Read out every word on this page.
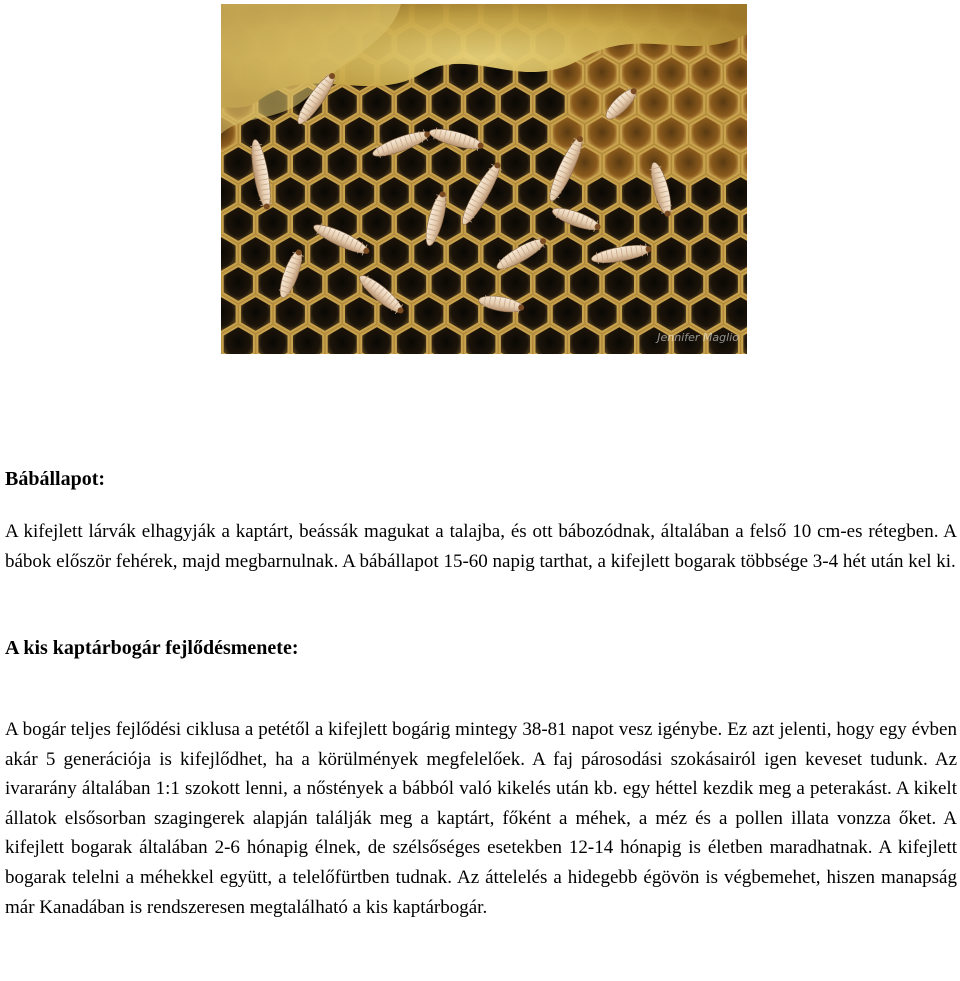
Jennifer Maglio
Bábállapot:

A kifejlett lárvák elhagyják a kaptárt, beássák magukat a talajba, és ott bábozódnak, általában a felső 10 cm-es rétegben. A bábok először fehérek, majd megbarnulnak. A bábállapot 15-60 napig tarthat, a kifejlett bogarak többsége 3-4 hét után kel ki.

A kis kaptárbogár fejlődésmenete:

A bogár teljes fejlődési ciklusa a petétől a kifejlett bogárig mintegy 38-81 napot vesz igénybe. Ez azt jelenti, hogy egy évben akár 5 generációja is kifejlődhet, ha a körülmények megfelelőek. A faj párosodási szokásairól igen keveset tudunk. Az ivararány általában 1:1 szokott lenni, a nőstények a bábból való kikelés után kb. egy héttel kezdik meg a peterakást. A kikelt állatok elsősorban szagingerek alapján találják meg a kaptárt, főként a méhek, a méz és a pollen illata vonzza őket. A kifejlett bogarak általában 2-6 hónapig élnek, de szélsőséges esetekben 12-14 hónapig is életben maradhatnak. A kifejlett bogarak telelni a méhekkel együtt, a telelőfürtben tudnak. Az áttelelés a hidegebb égövön is végbemehet, hiszen manapság már Kanadában is rendszeresen megtalálható a kis kaptárbogár.
